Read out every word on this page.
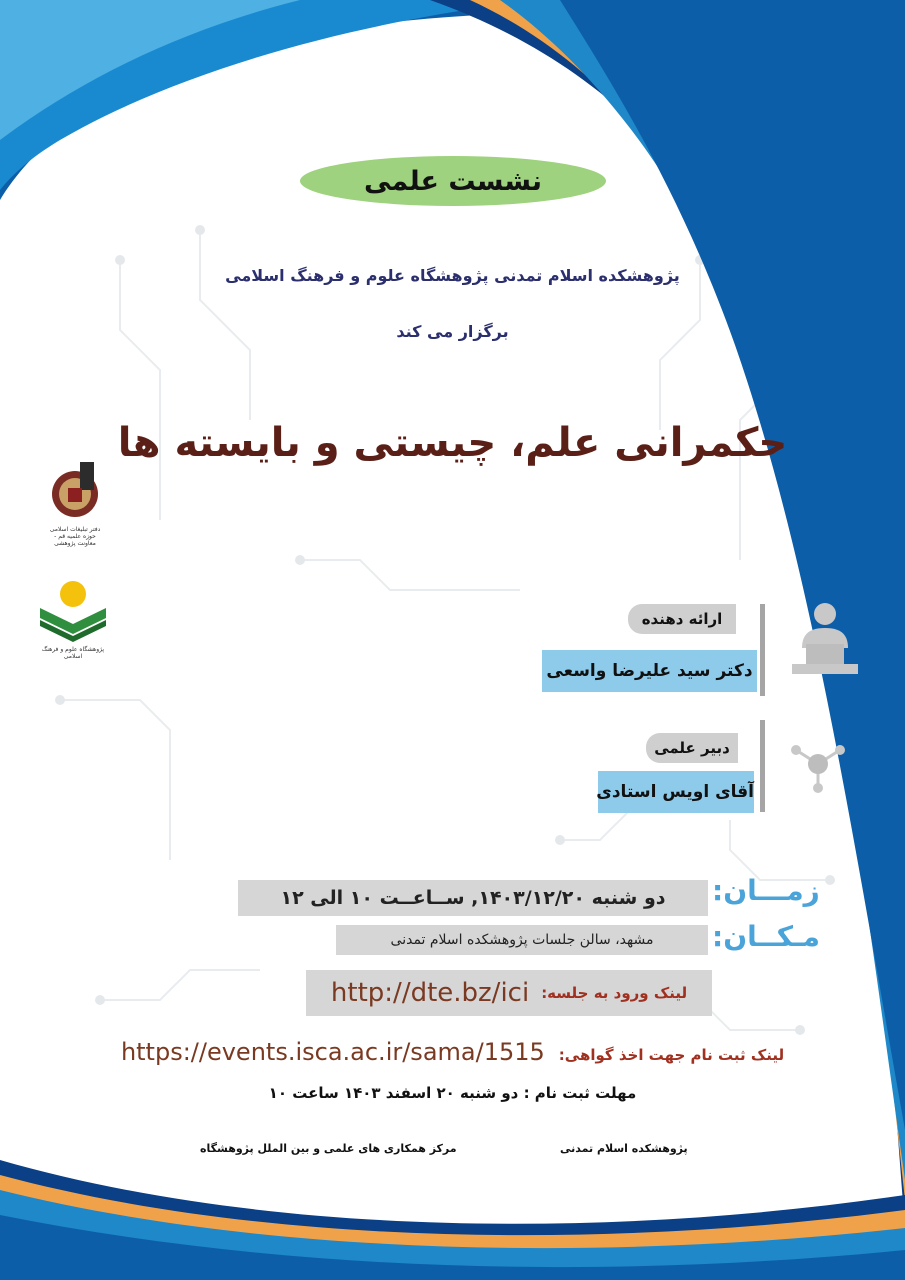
نشست علمی
پژوهشکده اسلام تمدنی پژوهشگاه علوم و فرهنگ اسلامی
برگزار می کند
حکمرانی علم، چیستی و بایسته ها
دفتر تبلیغات اسلامی حوزه علمیه قم - معاونت پژوهشی
پژوهشگاه علوم و فرهنگ اسلامی
ارائه دهنده
دکتر سید علیرضا واسعی
دبیر علمی
آقای اویس استادی
زمـــان:
دو شنبه ۱۴۰۳/۱۲/۲۰, ســاعــت ۱۰ الی ۱۲
مـکــان:
مشهد، سالن جلسات پژوهشکده اسلام تمدنی
لینک ورود به جلسه:
http://dte.bz/ici
لینک ثبت نام جهت اخذ گواهی:
https://events.isca.ac.ir/sama/1515
مهلت ثبت نام : دو شنبه ۲۰ اسفند ۱۴۰۳ ساعت ۱۰
پژوهشکده اسلام تمدنی
مرکز همکاری های علمی و بین الملل پژوهشگاه
